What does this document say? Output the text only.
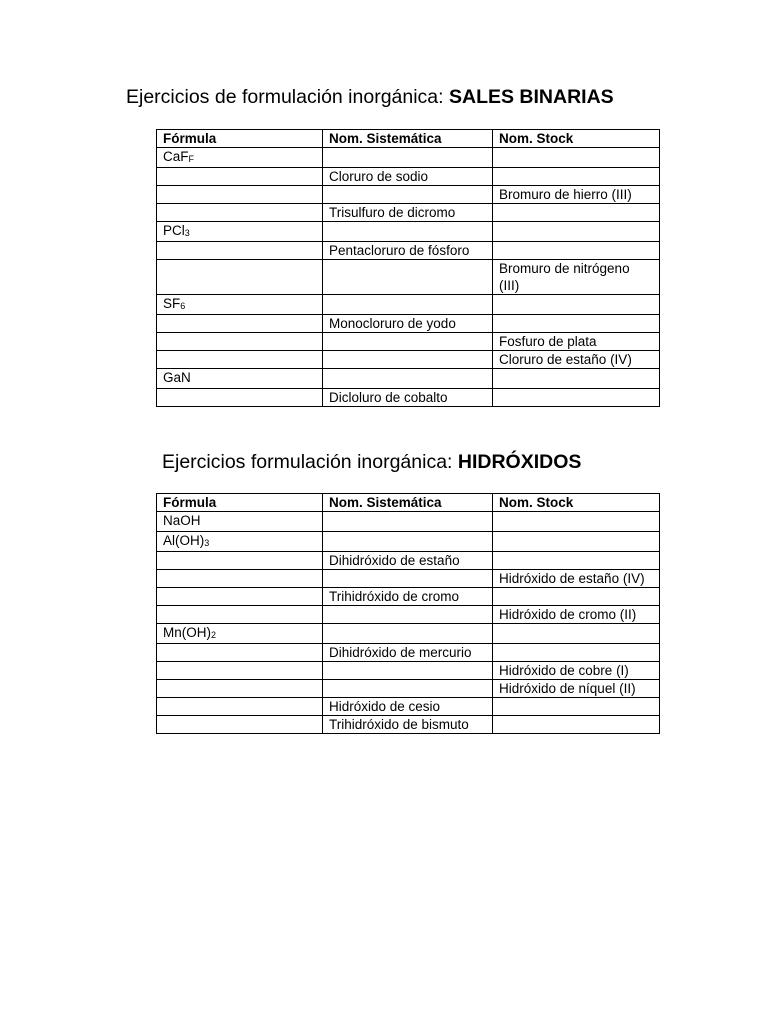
Ejercicios de formulación inorgánica: SALES BINARIAS
Fórmula	Nom. Sistemática	Nom. Stock
CaF$_F$		
	Cloruro de sodio	
		Bromuro de hierro (III)
	Trisulfuro de dicromo	
PCl$_3$		
	Pentacloruro de fósforo	
		Bromuro de nitrógeno (III)
$SF_6$		
	Monocloruro de yodo	
		Fosfuro de plata
		Cloruro de estaño (IV)
GaN		
	Dicloluro de cobalto	
Ejercicios formulación inorgánica: HIDRÓXIDOS
Fórmula	Nom. Sistemática	Nom. Stock
NaOH		
$Al(OH)_3$		
	Dihidróxido de estaño	
		Hidróxido de estaño (IV)
	Trihidróxido de cromo	
		Hidróxido de cromo (II)
$Mn(OH)_2$		
	Dihidróxido de mercurio	
		Hidróxido de cobre (I)
		Hidróxido de níquel (II)
	Hidróxido de cesio	
	Trihidróxido de bismuto	
